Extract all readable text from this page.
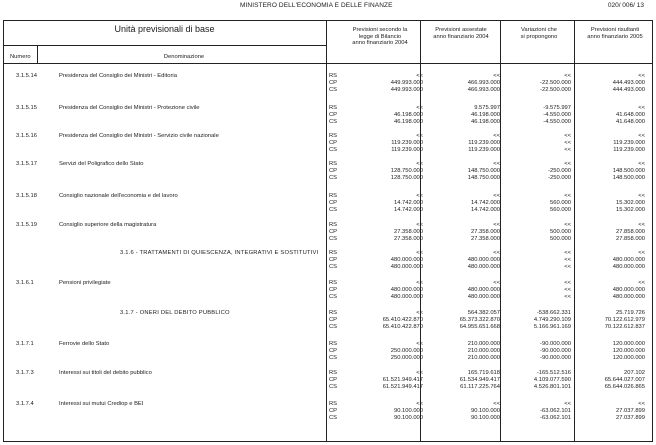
MINISTERO DELL'ECONOMIA E DELLE FINANZE	020/ 006/ 13
Unità previsionali di base
Numero	Denominazione
Previsioni secondo la
legge di Bilancio
anno finanziario 2004
Previsioni assestate
anno finanziario 2004
Variazioni che
si propongono
Previsioni risultanti
anno finanziario 2005
3.1.5.14	Presidenza del Consiglio dei Ministri - Editoria	RS	<<	<<	<<	<<
CP	449.993.000	466.993.000	-22.500.000	444.493.000
CS	449.993.000	466.993.000	-22.500.000	444.493.000
3.1.5.15	Presidenza del Consiglio dei Ministri - Protezione civile	RS	<<	9.575.997	-9.575.997	<<
CP	46.198.000	46.198.000	-4.550.000	41.648.000
CS	46.198.000	46.198.000	-4.550.000	41.648.000
3.1.5.16	Presidenza del Consiglio dei Ministri - Servizio civile nazionale	RS	<<	<<	<<	<<
CP	119.239.000	119.239.000	<<	119.239.000
CS	119.239.000	119.239.000	<<	119.239.000
3.1.5.17	Servizi del Poligrafico dello Stato	RS	<<	<<	<<	<<
CP	128.750.000	148.750.000	-250.000	148.500.000
CS	128.750.000	148.750.000	-250.000	148.500.000
3.1.5.18	Consiglio nazionale dell'economia e del lavoro	RS	<<	<<	<<	<<
CP	14.742.000	14.742.000	560.000	15.302.000
CS	14.742.000	14.742.000	560.000	15.302.000
3.1.5.19	Consiglio superiore della magistratura	RS	<<	<<	<<	<<
CP	27.358.000	27.358.000	500.000	27.858.000
CS	27.358.000	27.358.000	500.000	27.858.000
3.1.6 - TRATTAMENTI DI QUIESCENZA, INTEGRATIVI E SOSTITUTIVI RS	<<	<<	<<	<<
CP	480.000.000	480.000.000	<<	480.000.000
CS	480.000.000	480.000.000	<<	480.000.000
3.1.6.1	Pensioni privilegiate	RS	<<	<<	<<	<<
CP	480.000.000	480.000.000	<<	480.000.000
CS	480.000.000	480.000.000	<<	480.000.000
3.1.7 - ONERI DEL DEBITO PUBBLICO	RS	<<	564.382.057	-538.662.331	25.719.726
CP	65.410.422.870	65.373.322.870	4.749.290.109	70.122.612.979
CS	65.410.422.870	64.955.651.668	5.166.961.169	70.122.612.837
3.1.7.1	Ferrovie dello Stato	RS	<<	210.000.000	-90.000.000	120.000.000
CP	250.000.000	210.000.000	-90.000.000	120.000.000
CS	250.000.000	210.000.000	-90.000.000	120.000.000
3.1.7.3	Interessi sui titoli del debito pubblico	RS	<<	165.719.618	-165.512.516	207.102
CP	61.521.949.417	61.534.949.417	4.109.077.590	65.644.027.007
CS	61.521.949.417	61.117.225.764	4.526.801.101	65.644.026.865
3.1.7.4	Interessi sui mutui Crediop e BEI	RS	<<	<<	<<	<<
CP	90.100.000	90.100.000	-63.062.101	27.037.899
CS	90.100.000	90.100.000	-63.062.101	27.037.899
